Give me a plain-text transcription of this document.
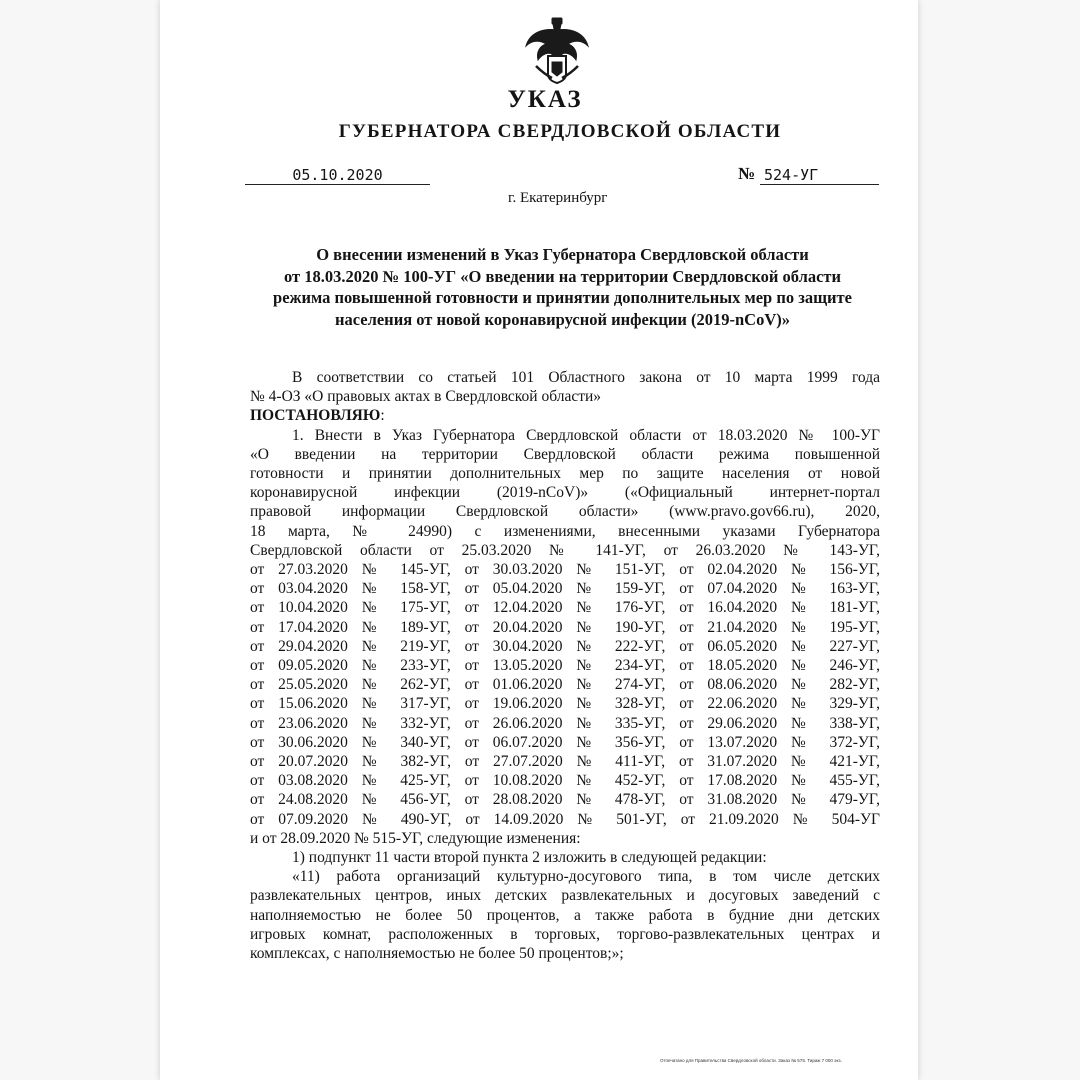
УКАЗ
ГУБЕРНАТОРА СВЕРДЛОВСКОЙ ОБЛАСТИ
05.10.2020	№ 524-УГ
г. Екатеринбург
О внесении изменений в Указ Губернатора Свердловской области
от 18.03.2020 № 100-УГ «О введении на территории Свердловской области
режима повышенной готовности и принятии дополнительных мер по защите
населения от новой коронавирусной инфекции (2019-nCoV)»

В соответствии со статьей 101 Областного закона от 10 марта 1999 года

№ 4-ОЗ «О правовых актах в Свердловской области»

ПОСТАНОВЛЯЮ:

1. Внести в Указ Губернатора Свердловской области от 18.03.2020 № 100-УГ

«О введении на территории Свердловской области режима повышенной

готовности и принятии дополнительных мер по защите населения от новой

коронавирусной инфекции (2019-nCoV)» («Официальный интернет-портал

правовой информации Свердловской области» (www.pravo.gov66.ru), 2020,

18 марта, № 24990) с изменениями, внесенными указами Губернатора

Свердловской области от 25.03.2020 № 141-УГ, от 26.03.2020 № 143-УГ,

от 27.03.2020 № 145-УГ, от 30.03.2020 № 151-УГ, от 02.04.2020 № 156-УГ,

от 03.04.2020 № 158-УГ, от 05.04.2020 № 159-УГ, от 07.04.2020 № 163-УГ,

от 10.04.2020 № 175-УГ, от 12.04.2020 № 176-УГ, от 16.04.2020 № 181-УГ,

от 17.04.2020 № 189-УГ, от 20.04.2020 № 190-УГ, от 21.04.2020 № 195-УГ,

от 29.04.2020 № 219-УГ, от 30.04.2020 № 222-УГ, от 06.05.2020 № 227-УГ,

от 09.05.2020 № 233-УГ, от 13.05.2020 № 234-УГ, от 18.05.2020 № 246-УГ,

от 25.05.2020 № 262-УГ, от 01.06.2020 № 274-УГ, от 08.06.2020 № 282-УГ,

от 15.06.2020 № 317-УГ, от 19.06.2020 № 328-УГ, от 22.06.2020 № 329-УГ,

от 23.06.2020 № 332-УГ, от 26.06.2020 № 335-УГ, от 29.06.2020 № 338-УГ,

от 30.06.2020 № 340-УГ, от 06.07.2020 № 356-УГ, от 13.07.2020 № 372-УГ,

от 20.07.2020 № 382-УГ, от 27.07.2020 № 411-УГ, от 31.07.2020 № 421-УГ,

от 03.08.2020 № 425-УГ, от 10.08.2020 № 452-УГ, от 17.08.2020 № 455-УГ,

от 24.08.2020 № 456-УГ, от 28.08.2020 № 478-УГ, от 31.08.2020 № 479-УГ,

от 07.09.2020 № 490-УГ, от 14.09.2020 № 501-УГ, от 21.09.2020 № 504-УГ

и от 28.09.2020 № 515-УГ, следующие изменения:

1) подпункт 11 части второй пункта 2 изложить в следующей редакции:

«11) работа организаций культурно-досугового типа, в том числе детских

развлекательных центров, иных детских развлекательных и досуговых заведений с

наполняемостью не более 50 процентов, а также работа в будние дни детских

игровых комнат, расположенных в торговых, торгово-развлекательных центрах и

комплексах, с наполняемостью не более 50 процентов;»;

Отпечатано для Правительства Свердловской области. Заказ № 575. Тираж 7 000 экз.
